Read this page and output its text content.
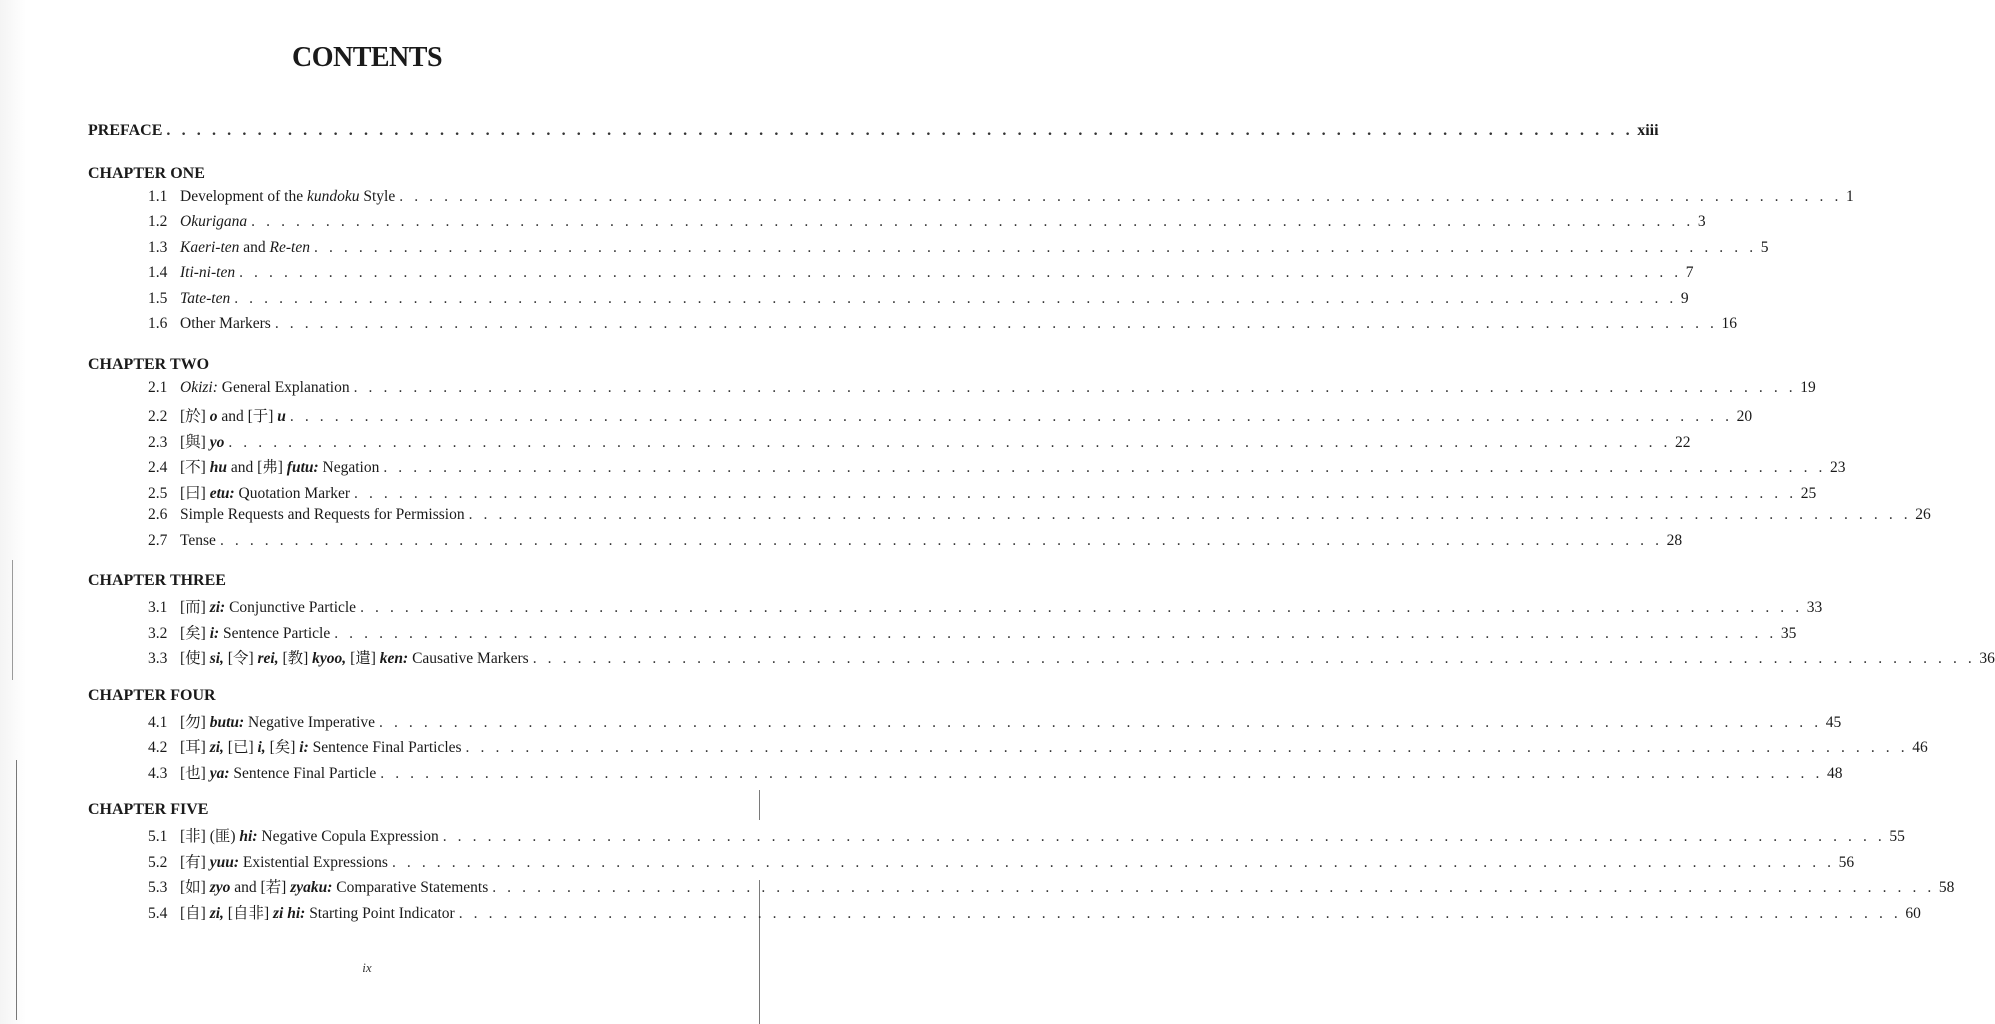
CONTENTS
PREFACE . . . . . . . . . . . . . . . . . . . . . . . . . . . . . . . . . . . . . . . . . . . . . . . . . . . . . . . . . . . . . . . . . . . . . . . . . . . . . . . . . . . . . . . . . . . . . . . . . xiii
CHAPTER ONE
1.1 Development of the kundoku Style . . . . . . . . . . . . . . . . . . . . . . . . . . . . . . . . . . . . . . . . . . . . . . . . . . . . . . . . . . . . . . . . . . . . . . . . . . . . . . . . . . . . . . . . . . . . . . . . . 1
1.2 Okurigana . . . . . . . . . . . . . . . . . . . . . . . . . . . . . . . . . . . . . . . . . . . . . . . . . . . . . . . . . . . . . . . . . . . . . . . . . . . . . . . . . . . . . . . . . . . . . . . . . 3
1.3 Kaeri-ten and Re-ten . . . . . . . . . . . . . . . . . . . . . . . . . . . . . . . . . . . . . . . . . . . . . . . . . . . . . . . . . . . . . . . . . . . . . . . . . . . . . . . . . . . . . . . . . . . . . . . . . 5
1.4 Iti-ni-ten . . . . . . . . . . . . . . . . . . . . . . . . . . . . . . . . . . . . . . . . . . . . . . . . . . . . . . . . . . . . . . . . . . . . . . . . . . . . . . . . . . . . . . . . . . . . . . . . . 7
1.5 Tate-ten . . . . . . . . . . . . . . . . . . . . . . . . . . . . . . . . . . . . . . . . . . . . . . . . . . . . . . . . . . . . . . . . . . . . . . . . . . . . . . . . . . . . . . . . . . . . . . . . . 9
1.6 Other Markers . . . . . . . . . . . . . . . . . . . . . . . . . . . . . . . . . . . . . . . . . . . . . . . . . . . . . . . . . . . . . . . . . . . . . . . . . . . . . . . . . . . . . . . . . . . . . . . . . 16
CHAPTER TWO
2.1 Okizi: General Explanation . . . . . . . . . . . . . . . . . . . . . . . . . . . . . . . . . . . . . . . . . . . . . . . . . . . . . . . . . . . . . . . . . . . . . . . . . . . . . . . . . . . . . . . . . . . . . . . . . 19
2.2 [於] o and [于] u . . . . . . . . . . . . . . . . . . . . . . . . . . . . . . . . . . . . . . . . . . . . . . . . . . . . . . . . . . . . . . . . . . . . . . . . . . . . . . . . . . . . . . . . . . . . . . . . . 20
2.3 [與] yo . . . . . . . . . . . . . . . . . . . . . . . . . . . . . . . . . . . . . . . . . . . . . . . . . . . . . . . . . . . . . . . . . . . . . . . . . . . . . . . . . . . . . . . . . . . . . . . . . 22
2.4 [不] hu and [弗] futu: Negation . . . . . . . . . . . . . . . . . . . . . . . . . . . . . . . . . . . . . . . . . . . . . . . . . . . . . . . . . . . . . . . . . . . . . . . . . . . . . . . . . . . . . . . . . . . . . . . . . 23
2.5 [曰] etu: Quotation Marker . . . . . . . . . . . . . . . . . . . . . . . . . . . . . . . . . . . . . . . . . . . . . . . . . . . . . . . . . . . . . . . . . . . . . . . . . . . . . . . . . . . . . . . . . . . . . . . . . 25
2.6 Simple Requests and Requests for Permission . . . . . . . . . . . . . . . . . . . . . . . . . . . . . . . . . . . . . . . . . . . . . . . . . . . . . . . . . . . . . . . . . . . . . . . . . . . . . . . . . . . . . . . . . . . . . . . . . 26
2.7 Tense . . . . . . . . . . . . . . . . . . . . . . . . . . . . . . . . . . . . . . . . . . . . . . . . . . . . . . . . . . . . . . . . . . . . . . . . . . . . . . . . . . . . . . . . . . . . . . . . . 28
CHAPTER THREE
3.1 [而] zi: Conjunctive Particle . . . . . . . . . . . . . . . . . . . . . . . . . . . . . . . . . . . . . . . . . . . . . . . . . . . . . . . . . . . . . . . . . . . . . . . . . . . . . . . . . . . . . . . . . . . . . . . . . 33
3.2 [矣] i: Sentence Particle . . . . . . . . . . . . . . . . . . . . . . . . . . . . . . . . . . . . . . . . . . . . . . . . . . . . . . . . . . . . . . . . . . . . . . . . . . . . . . . . . . . . . . . . . . . . . . . . . 35
3.3 [使] si, [令] rei, [教] kyoo, [遣] ken: Causative Markers . . . . . . . . . . . . . . . . . . . . . . . . . . . . . . . . . . . . . . . . . . . . . . . . . . . . . . . . . . . . . . . . . . . . . . . . . . . . . . . . . . . . . . . . . . . . . . . . . 36
CHAPTER FOUR
4.1 [勿] butu: Negative Imperative . . . . . . . . . . . . . . . . . . . . . . . . . . . . . . . . . . . . . . . . . . . . . . . . . . . . . . . . . . . . . . . . . . . . . . . . . . . . . . . . . . . . . . . . . . . . . . . . . 45
4.2 [耳] zi, [已] i, [矣] i: Sentence Final Particles . . . . . . . . . . . . . . . . . . . . . . . . . . . . . . . . . . . . . . . . . . . . . . . . . . . . . . . . . . . . . . . . . . . . . . . . . . . . . . . . . . . . . . . . . . . . . . . . . 46
4.3 [也] ya: Sentence Final Particle . . . . . . . . . . . . . . . . . . . . . . . . . . . . . . . . . . . . . . . . . . . . . . . . . . . . . . . . . . . . . . . . . . . . . . . . . . . . . . . . . . . . . . . . . . . . . . . . . 48
CHAPTER FIVE
5.1 [非] (匪) hi: Negative Copula Expression . . . . . . . . . . . . . . . . . . . . . . . . . . . . . . . . . . . . . . . . . . . . . . . . . . . . . . . . . . . . . . . . . . . . . . . . . . . . . . . . . . . . . . . . . . . . . . . . . 55
5.2 [有] yuu: Existential Expressions . . . . . . . . . . . . . . . . . . . . . . . . . . . . . . . . . . . . . . . . . . . . . . . . . . . . . . . . . . . . . . . . . . . . . . . . . . . . . . . . . . . . . . . . . . . . . . . . . 56
5.3 [如] zyo and [若] zyaku: Comparative Statements . . . . . . . . . . . . . . . . . . . . . . . . . . . . . . . . . . . . . . . . . . . . . . . . . . . . . . . . . . . . . . . . . . . . . . . . . . . . . . . . . . . . . . . . . . . . . . . . . 58
5.4 [自] zi, [自非] zi hi: Starting Point Indicator . . . . . . . . . . . . . . . . . . . . . . . . . . . . . . . . . . . . . . . . . . . . . . . . . . . . . . . . . . . . . . . . . . . . . . . . . . . . . . . . . . . . . . . . . . . . . . . . . 60
ix
